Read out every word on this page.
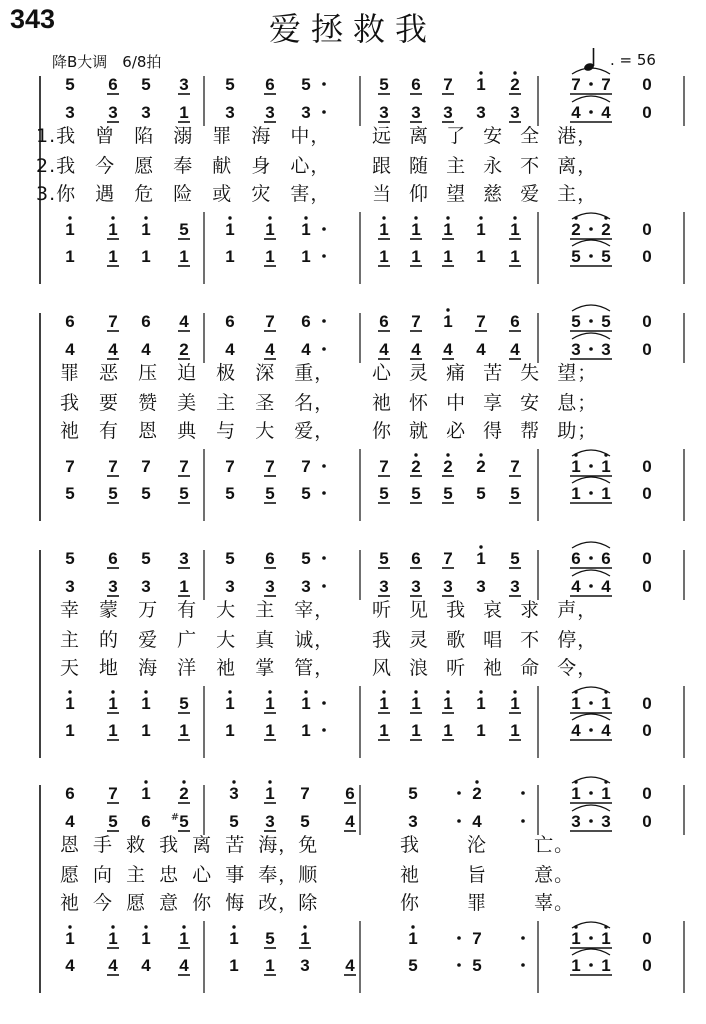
343	爱拯救我
降B大调　6/8拍	. = 56
5 6 5 3 5 6 5	5 6 7 1 2	7 7 0
3 3 3 1 3 3 3	3 3 3 3 3	4 4 0
1 1 1 5 1 1 1	1 1 1 1 1	2 2 0
1 1 1 1 1 1 1	1 1 1 1 1	5 5 0
6 7 6 4 6 7 6	6 7 1 7 6	5 5 0
4 4 4 2 4 4 4	4 4 4 4 4	3 3 0
7 7 7 7 7 7 7	7 2 2 2 7	1 1 0
5 5 5 5 5 5 5	5 5 5 5 5	1 1 0
5 6 5 3 5 6 5	5 6 7 1 5	6 6 0
3 3 3 1 3 3 3	3 3 3 3 3	4 4 0
1 1 1 5 1 1 1	1 1 1 1 1	1 1 0
1 1 1 1 1 1 1	1 1 1 1 1	4 4 0
6 7 1 2 3 1 7 6	5	2	1 1 0
4 5 6 5
#	5 3 5 4	3	4	3 3 0
1 1 1 1 1 5 1	1	7	1 1 0
4 4 4 4 1 1 3 4	5	5	1 1 0
1.我 曾 陷 溺 罪 海 中， 远 离 了 安 全 港，
2.我 今 愿 奉 献 身 心， 跟 随 主 永 不 离，
3.你 遇 危 险 或 灾 害， 当 仰 望 慈 爱 主，
罪 恶 压 迫 极 深 重， 心 灵 痛 苦 失 望；
我 要 赞 美 主 圣 名， 祂 怀 中 享 安 息；
祂 有 恩 典 与 大 爱， 你 就 必 得 帮 助；
幸 蒙 万 有 大 主 宰， 听 见 我 哀 求 声，
主 的 爱 广 大 真 诚， 我 灵 歌 唱 不 停，
天 地 海 洋 祂 掌 管， 风 浪 听 祂 命 令，
恩 手 救 我 离 苦 海，免	我 沦 亡。
愿 向 主 忠 心 事 奉，顺	祂 旨 意。
祂 今 愿 意 你 悔 改，除	你 罪 辜。
